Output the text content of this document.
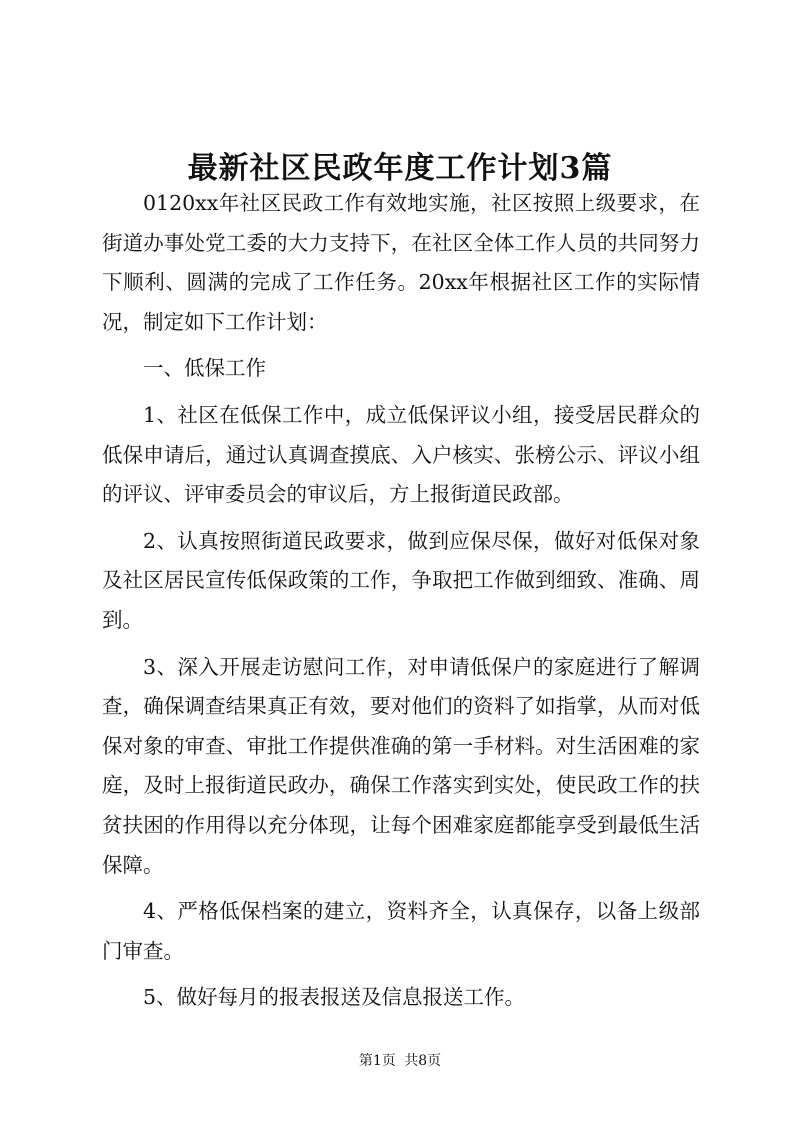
最新社区民政年度工作计划3篇

0120xx年社区民政工作有效地实施，社区按照上级要求，在街道办事处党工委的大力支持下，在社区全体工作人员的共同努力下顺利、圆满的完成了工作任务。20xx年根据社区工作的实际情况，制定如下工作计划：

一、低保工作

1、社区在低保工作中，成立低保评议小组，接受居民群众的低保申请后，通过认真调查摸底、入户核实、张榜公示、评议小组的评议、评审委员会的审议后，方上报街道民政部。

2、认真按照街道民政要求，做到应保尽保，做好对低保对象及社区居民宣传低保政策的工作，争取把工作做到细致、准确、周到。

3、深入开展走访慰问工作，对申请低保户的家庭进行了解调查，确保调查结果真正有效，要对他们的资料了如指掌，从而对低保对象的审查、审批工作提供准确的第一手材料。对生活困难的家庭，及时上报街道民政办，确保工作落实到实处，使民政工作的扶贫扶困的作用得以充分体现，让每个困难家庭都能享受到最低生活保障。

4、严格低保档案的建立，资料齐全，认真保存，以备上级部门审查。

5、做好每月的报表报送及信息报送工作。

第1页 共8页
